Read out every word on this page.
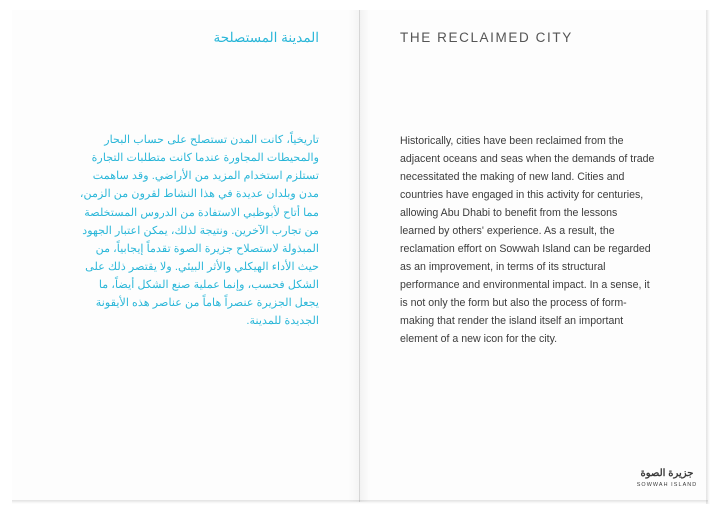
المدينة المستصلحة

تاريخياً، كانت المدن تستصلح على حساب البحار والمحيطات المجاورة عندما كانت متطلبات التجارة تستلزم استخدام المزيد من الأراضي. وقد ساهمت مدن وبلدان عديدة في هذا النشاط لقرون من الزمن، مما أتاح لأبوظبي الاستفادة من الدروس المستخلصة من تجارب الآخرين. ونتيجة لذلك، يمكن اعتبار الجهود المبذولة لاستصلاح جزيرة الصوة تقدماً إيجابياً، من حيث الأداء الهيكلي والأثر البيئي. ولا يقتصر ذلك على الشكل فحسب، وإنما عملية صنع الشكل أيضاً، ما يجعل الجزيرة عنصراً هاماً من عناصر هذه الأيقونة الجديدة للمدينة.

THE RECLAIMED CITY

Historically, cities have been reclaimed from the adjacent oceans and seas when the demands of trade necessitated the making of new land. Cities and countries have engaged in this activity for centuries, allowing Abu Dhabi to benefit from the lessons learned by others' experience. As a result, the reclamation effort on Sowwah Island can be regarded as an improvement, in terms of its structural performance and environmental impact. In a sense, it is not only the form but also the process of form-making that render the island itself an important element of a new icon for the city.

جزيرة الصوة
SOWWAH ISLAND
